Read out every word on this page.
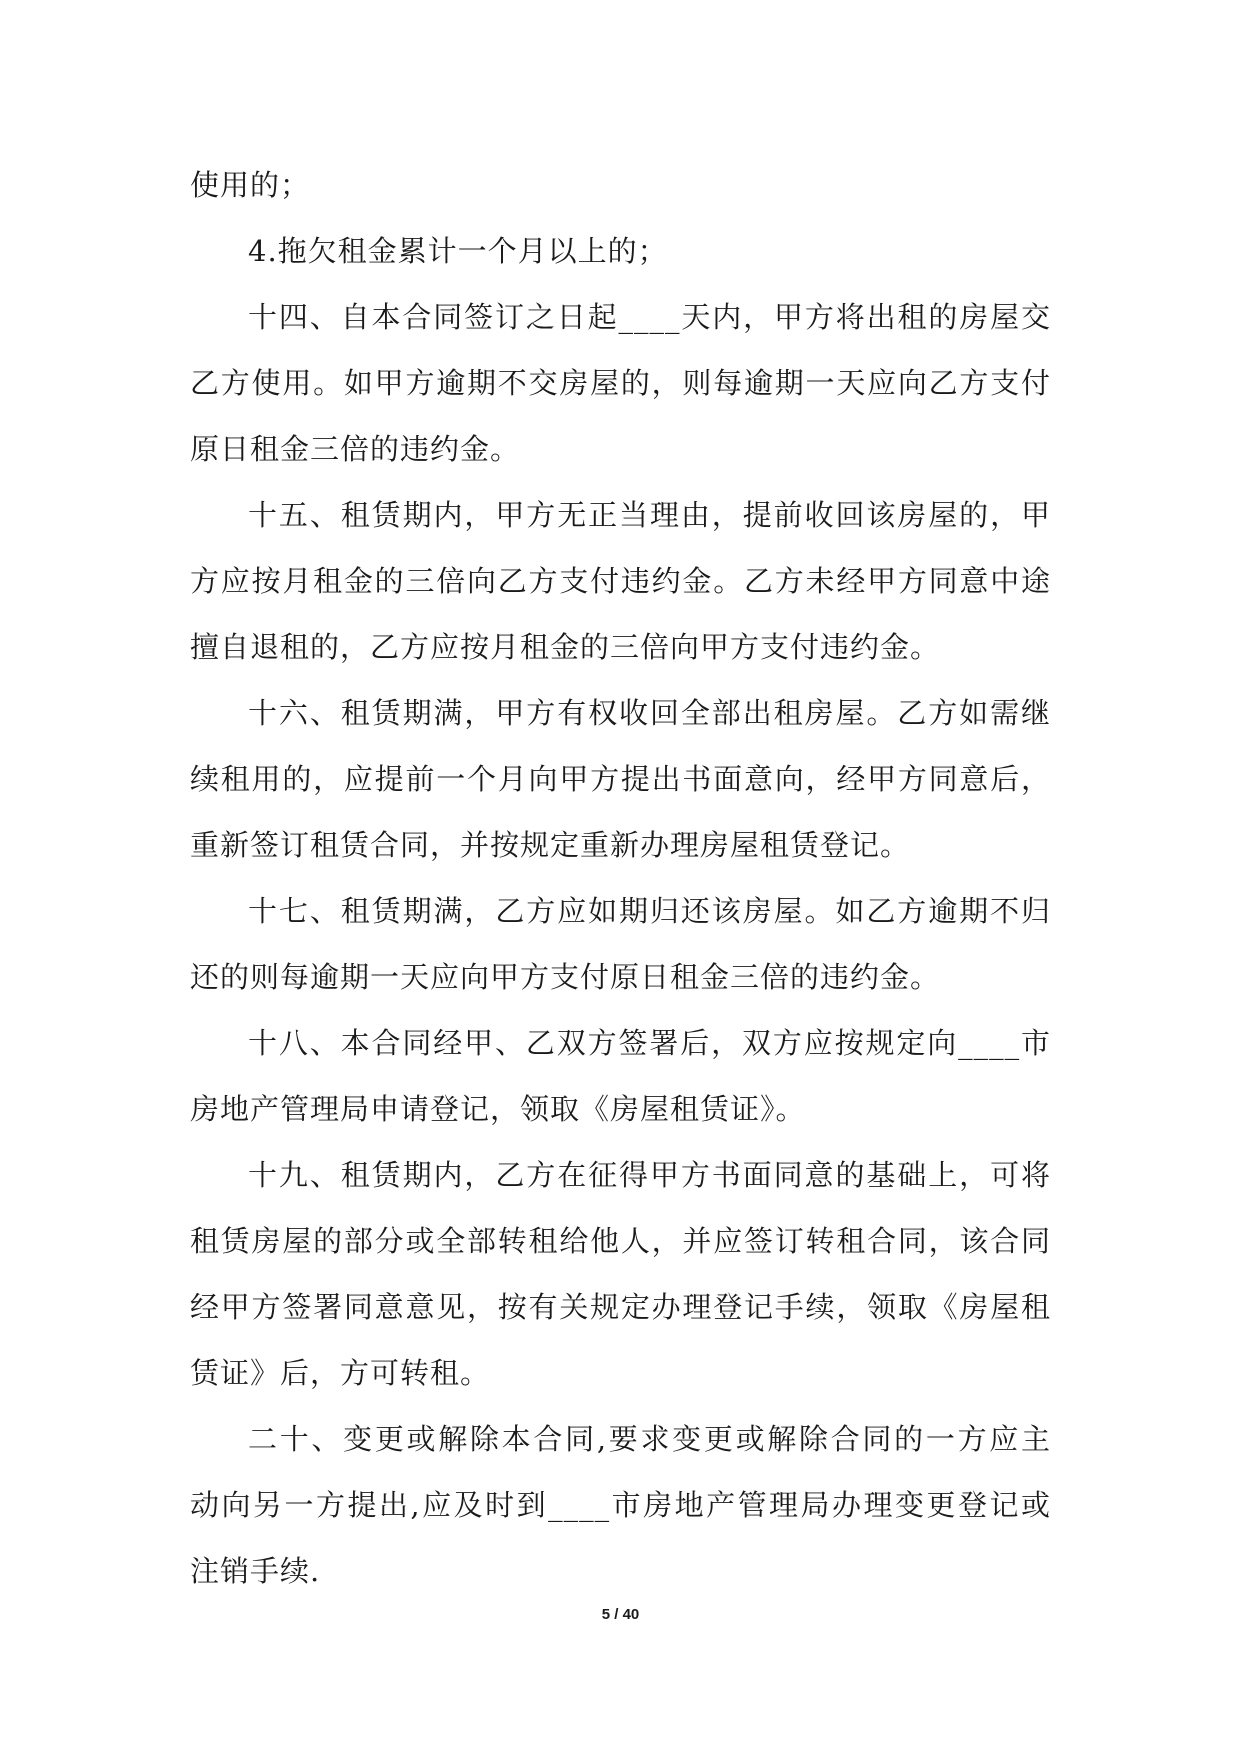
使用的；
4.拖欠租金累计一个月以上的；
十四、自本合同签订之日起____天内，甲方将出租的房屋交
乙方使用。如甲方逾期不交房屋的，则每逾期一天应向乙方支付
原日租金三倍的违约金。
十五、租赁期内，甲方无正当理由，提前收回该房屋的，甲
方应按月租金的三倍向乙方支付违约金。乙方未经甲方同意中途
擅自退租的，乙方应按月租金的三倍向甲方支付违约金。
十六、租赁期满，甲方有权收回全部出租房屋。乙方如需继
续租用的，应提前一个月向甲方提出书面意向，经甲方同意后，
重新签订租赁合同，并按规定重新办理房屋租赁登记。
十七、租赁期满，乙方应如期归还该房屋。如乙方逾期不归
还的则每逾期一天应向甲方支付原日租金三倍的违约金。
十八、本合同经甲、乙双方签署后，双方应按规定向____市
房地产管理局申请登记，领取《房屋租赁证》。
十九、租赁期内，乙方在征得甲方书面同意的基础上，可将
租赁房屋的部分或全部转租给他人，并应签订转租合同，该合同
经甲方签署同意意见，按有关规定办理登记手续，领取《房屋租
赁证》后，方可转租。
二十、变更或解除本合同,要求变更或解除合同的一方应主
动向另一方提出,应及时到____市房地产管理局办理变更登记或
注销手续.
5 / 40
